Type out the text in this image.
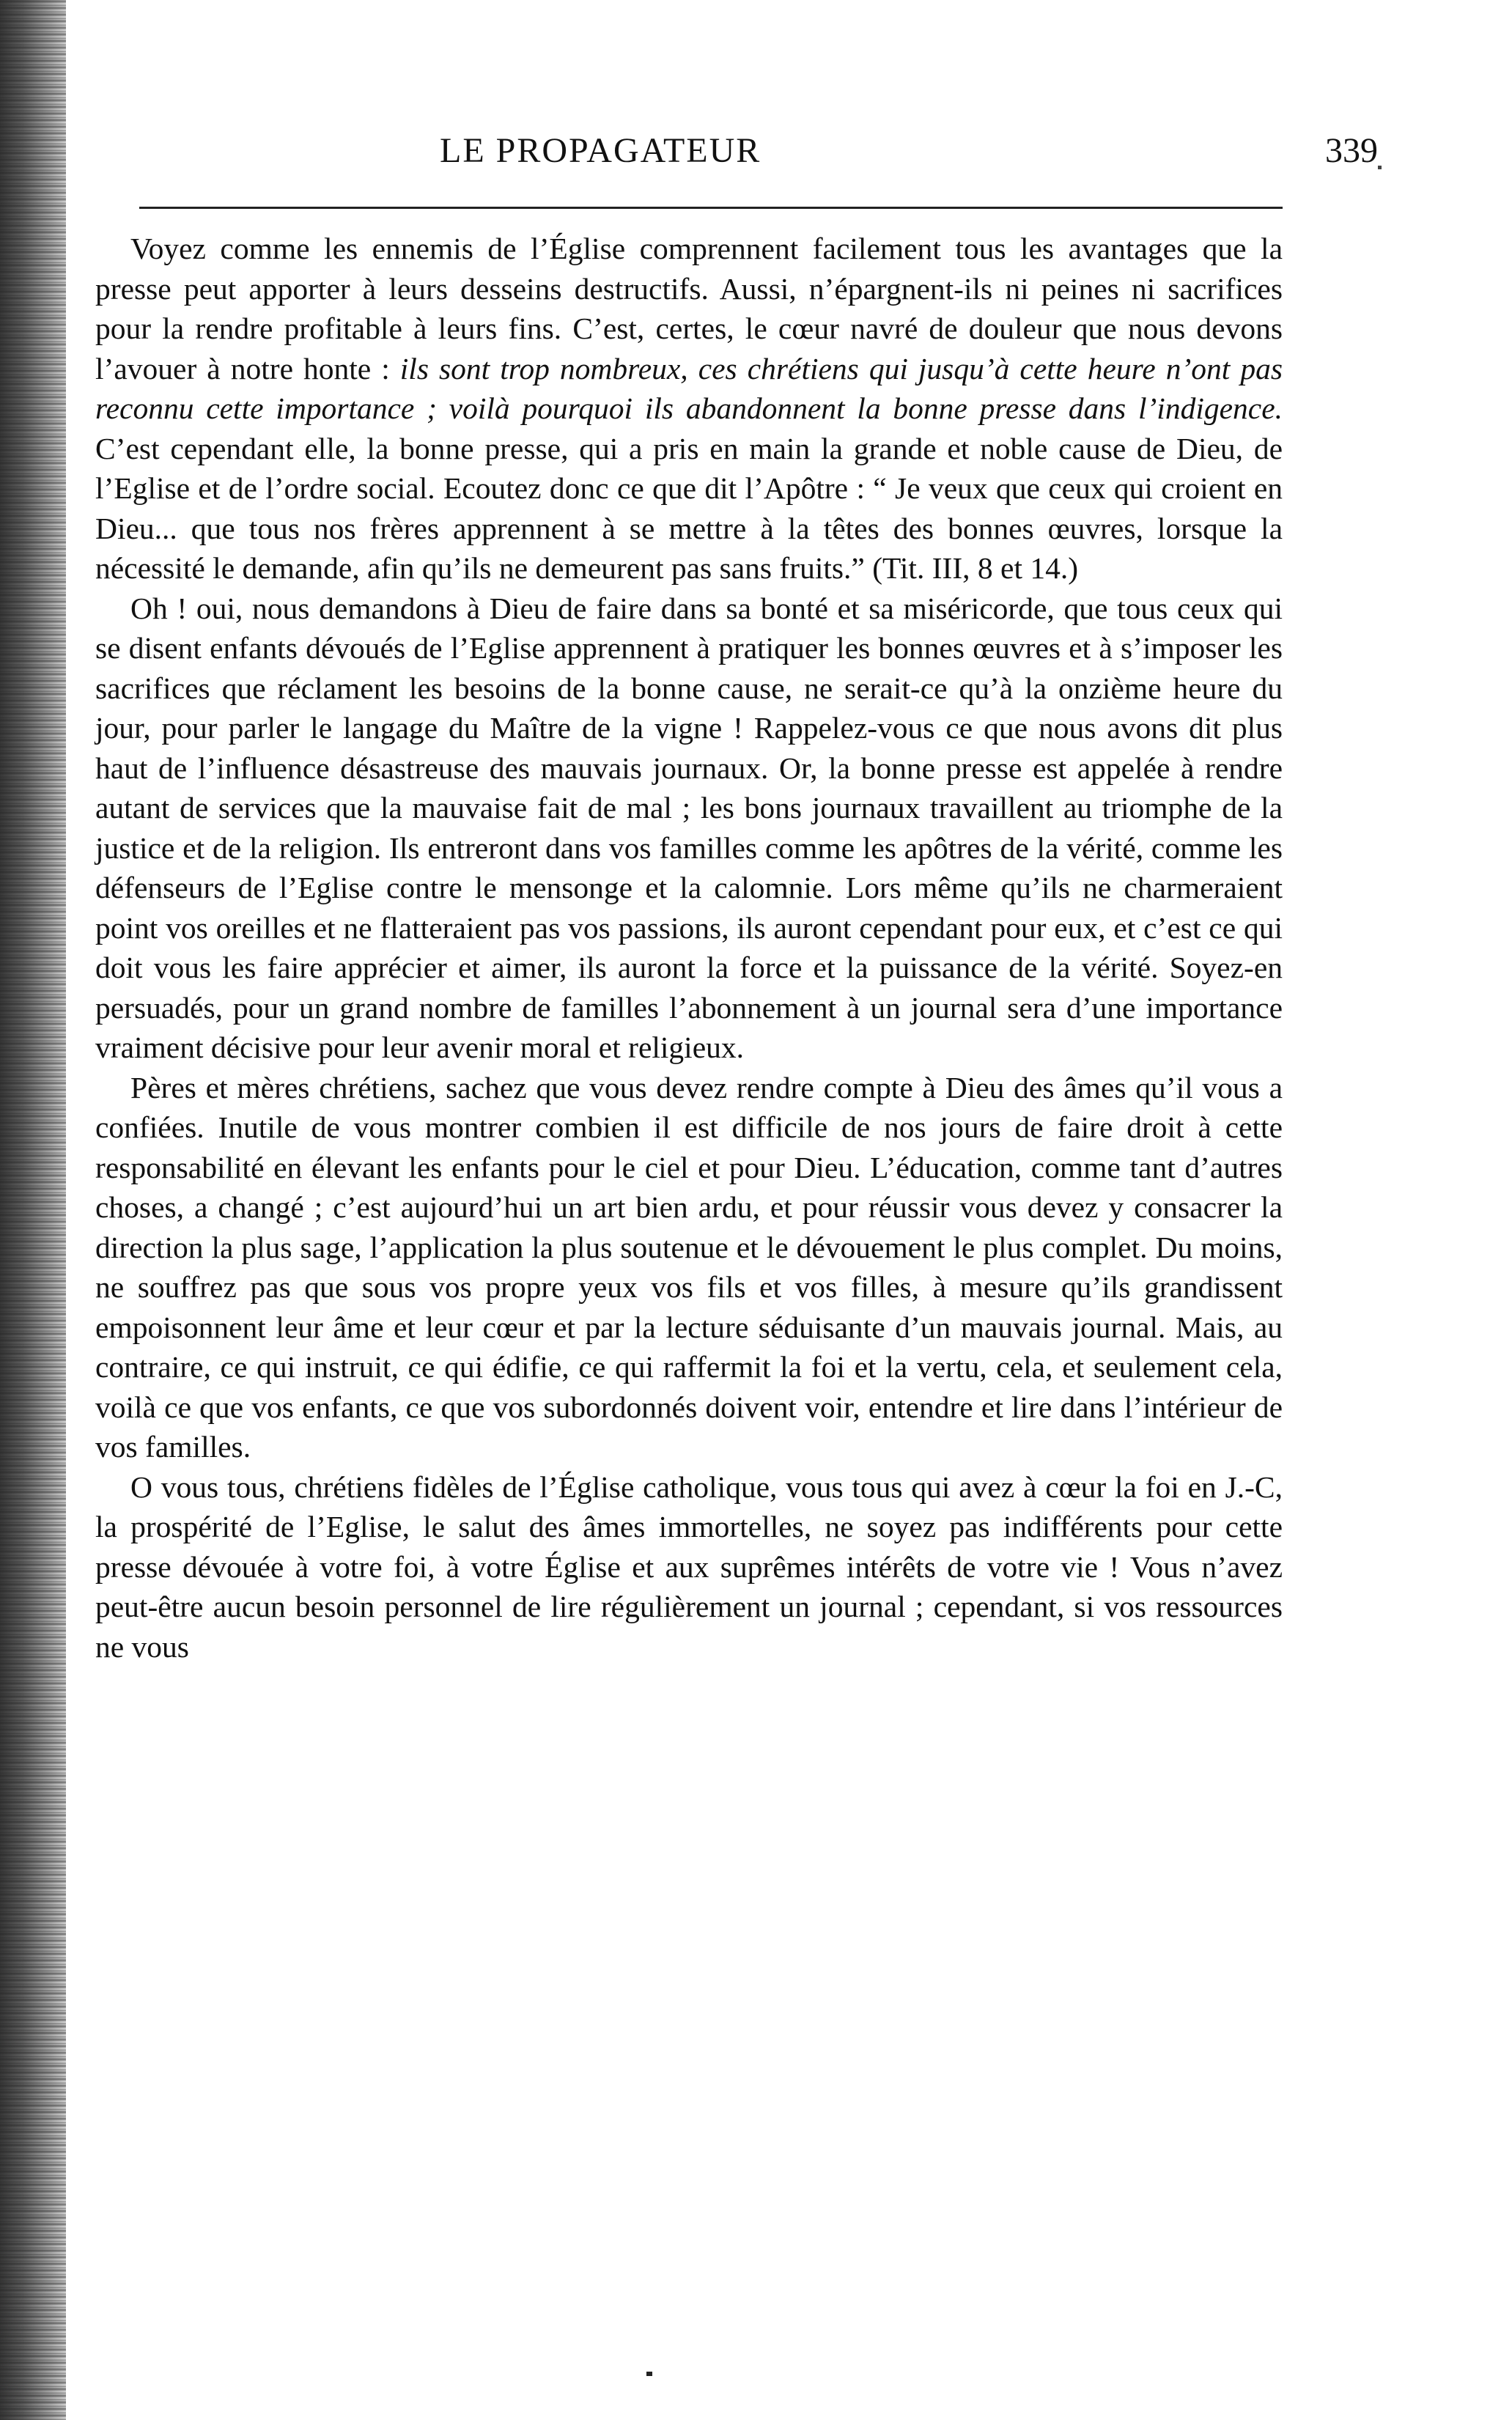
LE PROPAGATEUR	339

Voyez comme les ennemis de l’Église comprennent facilement tous les avantages que la presse peut apporter à leurs desseins destructifs. Aussi, n’épargnent-ils ni peines ni sacrifices pour la rendre profitable à leurs fins. C’est, certes, le cœur navré de douleur que nous devons l’avouer à notre honte : ils sont trop nombreux, ces chrétiens qui jusqu’à cette heure n’ont pas reconnu cette importance ; voilà pourquoi ils abandonnent la bonne presse dans l’indigence. C’est cependant elle, la bonne presse, qui a pris en main la grande et noble cause de Dieu, de l’Eglise et de l’ordre social. Ecoutez donc ce que dit l’Apôtre : “ Je veux que ceux qui croient en Dieu... que tous nos frères apprennent à se mettre à la têtes des bonnes œuvres, lorsque la nécessité le demande, afin qu’ils ne demeurent pas sans fruits.” (Tit. III, 8 et 14.)

Oh ! oui, nous demandons à Dieu de faire dans sa bonté et sa miséricorde, que tous ceux qui se disent enfants dévoués de l’Eglise apprennent à pratiquer les bonnes œuvres et à s’imposer les sacrifices que réclament les besoins de la bonne cause, ne serait-ce qu’à la onzième heure du jour, pour parler le langage du Maître de la vigne ! Rappelez-vous ce que nous avons dit plus haut de l’influence désastreuse des mauvais journaux. Or, la bonne presse est appelée à rendre autant de services que la mauvaise fait de mal ; les bons journaux travaillent au triomphe de la justice et de la religion. Ils entreront dans vos familles comme les apôtres de la vérité, comme les défenseurs de l’Eglise contre le mensonge et la calomnie. Lors même qu’ils ne charmeraient point vos oreilles et ne flatteraient pas vos passions, ils auront cependant pour eux, et c’est ce qui doit vous les faire apprécier et aimer, ils auront la force et la puissance de la vérité. Soyez-en persuadés, pour un grand nombre de familles l’abonnement à un journal sera d’une importance vraiment décisive pour leur avenir moral et religieux.

Pères et mères chrétiens, sachez que vous devez rendre compte à Dieu des âmes qu’il vous a confiées. Inutile de vous montrer combien il est difficile de nos jours de faire droit à cette responsabilité en élevant les enfants pour le ciel et pour Dieu. L’éducation, comme tant d’autres choses, a changé ; c’est aujourd’hui un art bien ardu, et pour réussir vous devez y consacrer la direction la plus sage, l’application la plus soutenue et le dévouement le plus complet. Du moins, ne souffrez pas que sous vos propre yeux vos fils et vos filles, à mesure qu’ils grandissent empoisonnent leur âme et leur cœur et par la lecture séduisante d’un mauvais journal. Mais, au contraire, ce qui instruit, ce qui édifie, ce qui raffermit la foi et la vertu, cela, et seulement cela, voilà ce que vos enfants, ce que vos subordonnés doivent voir, entendre et lire dans l’intérieur de vos familles.

O vous tous, chrétiens fidèles de l’Église catholique, vous tous qui avez à cœur la foi en J.-C, la prospérité de l’Eglise, le salut des âmes immortelles, ne soyez pas indifférents pour cette presse dévouée à votre foi, à votre Église et aux suprêmes intérêts de votre vie ! Vous n’avez peut-être aucun besoin personnel de lire régulièrement un journal ; cependant, si vos ressources ne vous
